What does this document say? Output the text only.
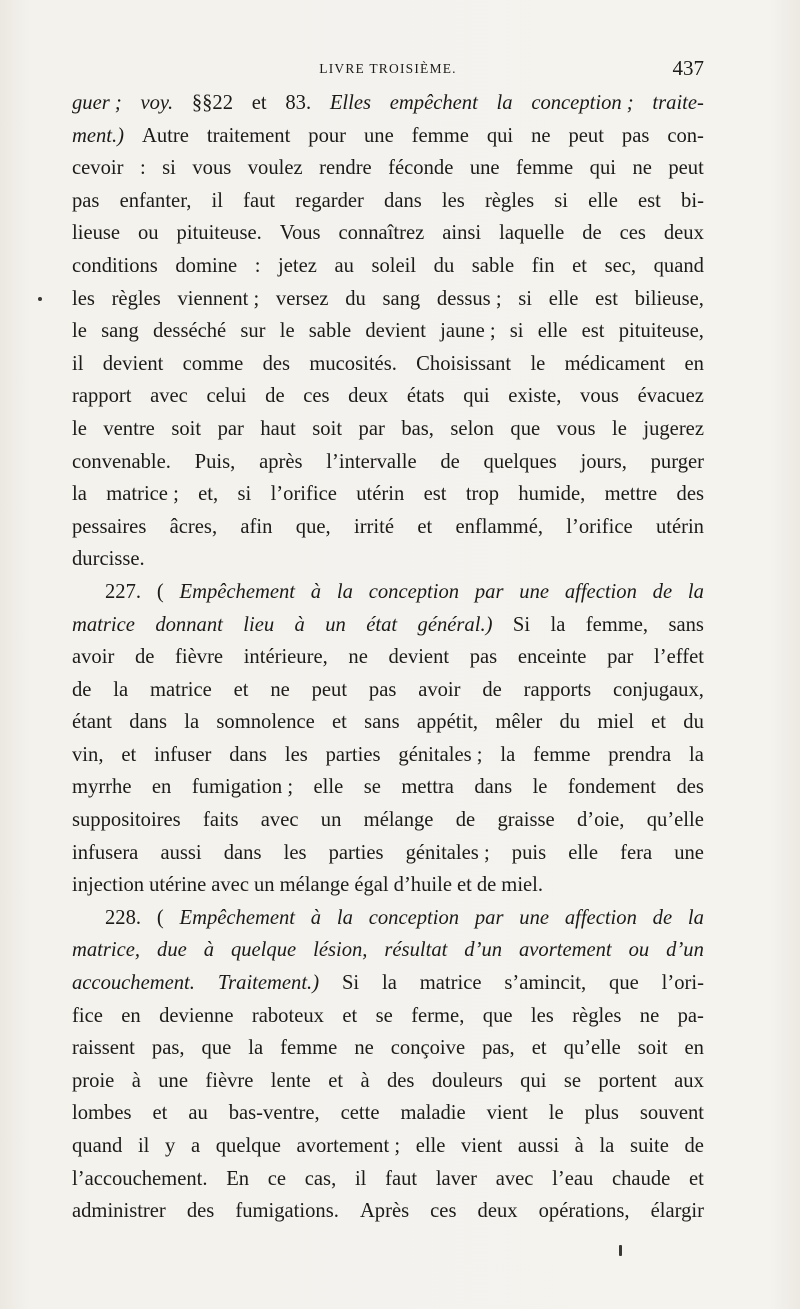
LIVRE TROISIÈME.	437
guer ; voy. §§22 et 83. Elles empêchent la conception ; traite-
ment.) Autre traitement pour une femme qui ne peut pas con-
cevoir : si vous voulez rendre féconde une femme qui ne peut
pas enfanter, il faut regarder dans les règles si elle est bi-
lieuse ou pituiteuse. Vous connaîtrez ainsi laquelle de ces deux
conditions domine : jetez au soleil du sable fin et sec, quand
les règles viennent ; versez du sang dessus ; si elle est bilieuse,
le sang desséché sur le sable devient jaune ; si elle est pituiteuse,
il devient comme des mucosités. Choisissant le médicament en
rapport avec celui de ces deux états qui existe, vous évacuez
le ventre soit par haut soit par bas, selon que vous le jugerez
convenable. Puis, après l’intervalle de quelques jours, purger
la matrice ; et, si l’orifice utérin est trop humide, mettre des
pessaires âcres, afin que, irrité et enflammé, l’orifice utérin
durcisse.
227. ( Empêchement à la conception par une affection de la
matrice donnant lieu à un état général.) Si la femme, sans
avoir de fièvre intérieure, ne devient pas enceinte par l’effet
de la matrice et ne peut pas avoir de rapports conjugaux,
étant dans la somnolence et sans appétit, mêler du miel et du
vin, et infuser dans les parties génitales ; la femme prendra la
myrrhe en fumigation ; elle se mettra dans le fondement des
suppositoires faits avec un mélange de graisse d’oie, qu’elle
infusera aussi dans les parties génitales ; puis elle fera une
injection utérine avec un mélange égal d’huile et de miel.
228. ( Empêchement à la conception par une affection de la
matrice, due à quelque lésion, résultat d’un avortement ou d’un
accouchement. Traitement.) Si la matrice s’amincit, que l’ori-
fice en devienne raboteux et se ferme, que les règles ne pa-
raissent pas, que la femme ne conçoive pas, et qu’elle soit en
proie à une fièvre lente et à des douleurs qui se portent aux
lombes et au bas-ventre, cette maladie vient le plus souvent
quand il y a quelque avortement ; elle vient aussi à la suite de
l’accouchement. En ce cas, il faut laver avec l’eau chaude et
administrer des fumigations. Après ces deux opérations, élargir
